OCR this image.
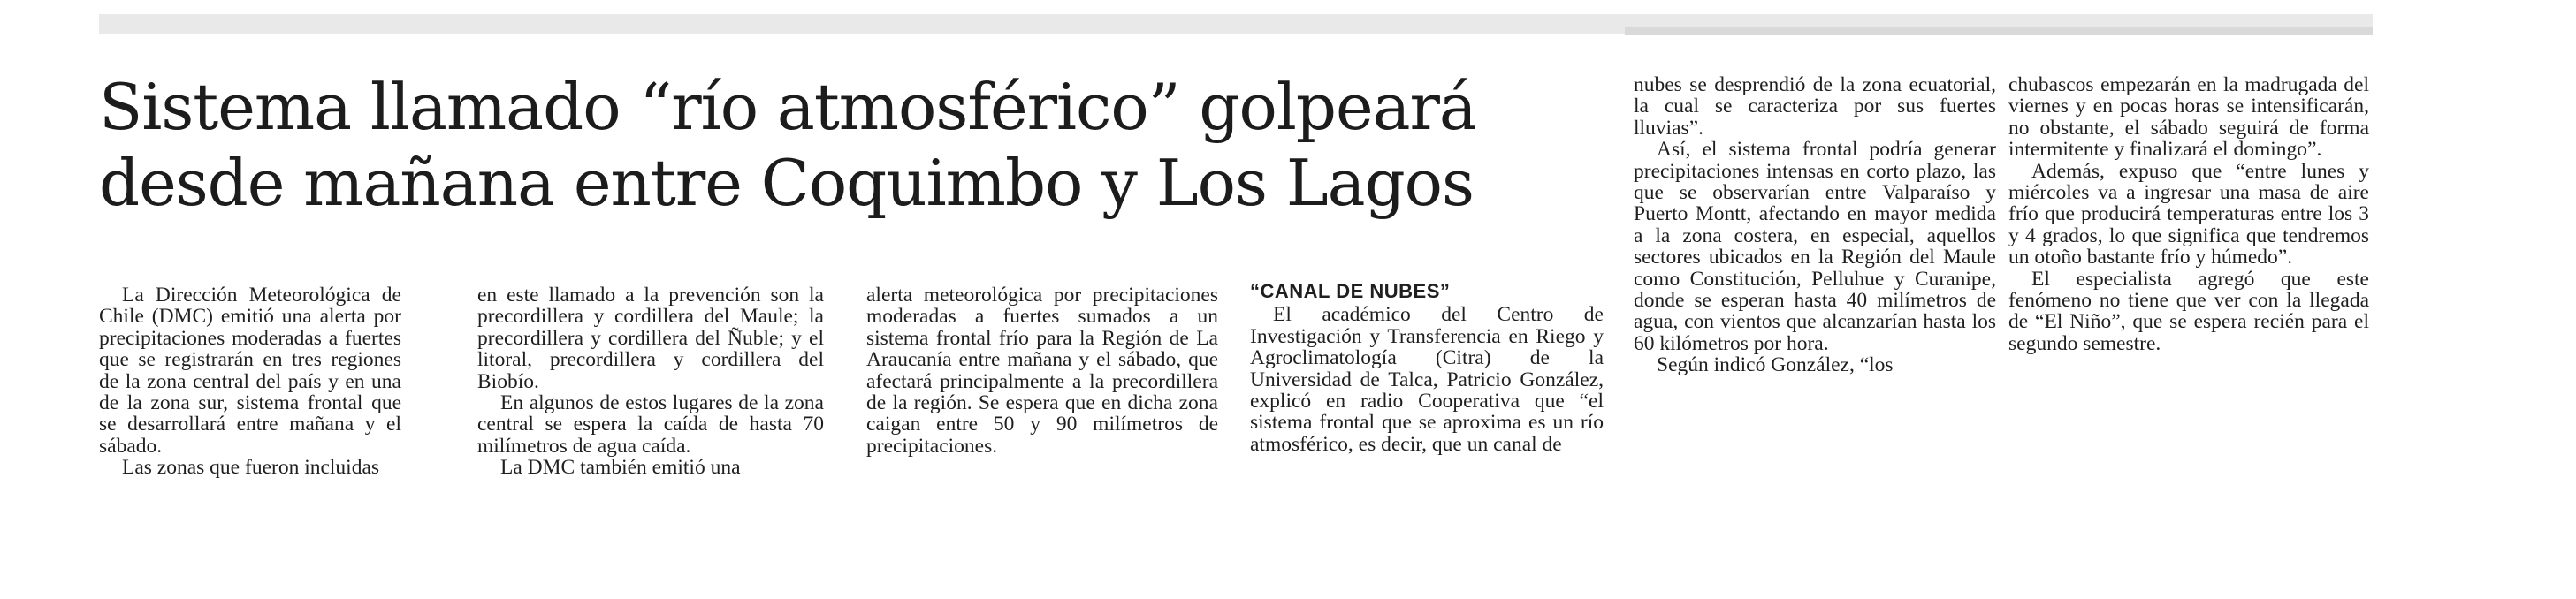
Sistema llamado “río atmosférico” golpeará
desde mañana entre Coquimbo y Los Lagos

La Dirección Meteorológica de Chile (DMC) emitió una alerta por precipitaciones moderadas a fuertes que se registrarán en tres regiones de la zona central del país y en una de la zona sur, sistema frontal que se desarrollará entre mañana y el sábado.

Las zonas que fueron incluidas

en este llamado a la prevención son la precordillera y cordillera del Maule; la precordillera y cordillera del Ñuble; y el litoral, precordillera y cordillera del Biobío.

En algunos de estos lugares de la zona central se espera la caída de hasta 70 milímetros de agua caída.

La DMC también emitió una

alerta meteorológica por precipitaciones moderadas a fuertes sumados a un sistema frontal frío para la Región de La Araucanía entre mañana y el sábado, que afectará principalmente a la precordillera de la región. Se espera que en dicha zona caigan entre 50 y 90 milímetros de precipitaciones.

“CANAL DE NUBES”

El académico del Centro de Investigación y Transferencia en Riego y Agroclimatología (Citra) de la Universidad de Talca, Patricio González, explicó en radio Cooperativa que “el sistema frontal que se aproxima es un río atmosférico, es decir, que un canal de

nubes se desprendió de la zona ecuatorial, la cual se caracteriza por sus fuertes lluvias”.

Así, el sistema frontal podría generar precipitaciones intensas en corto plazo, las que se observarían entre Valparaíso y Puerto Montt, afectando en mayor medida a la zona costera, en especial, aquellos sectores ubicados en la Región del Maule como Constitución, Pelluhue y Curanipe, donde se esperan hasta 40 milímetros de agua, con vientos que alcanzarían hasta los 60 kilómetros por hora.

Según indicó González, “los

chubascos empezarán en la madrugada del viernes y en pocas horas se intensificarán, no obstante, el sábado seguirá de forma intermitente y finalizará el domingo”.

Además, expuso que “entre lunes y miércoles va a ingresar una masa de aire frío que producirá temperaturas entre los 3 y 4 grados, lo que significa que tendremos un otoño bastante frío y húmedo”.

El especialista agregó que este fenómeno no tiene que ver con la llegada de “El Niño”, que se espera recién para el segundo semestre.
